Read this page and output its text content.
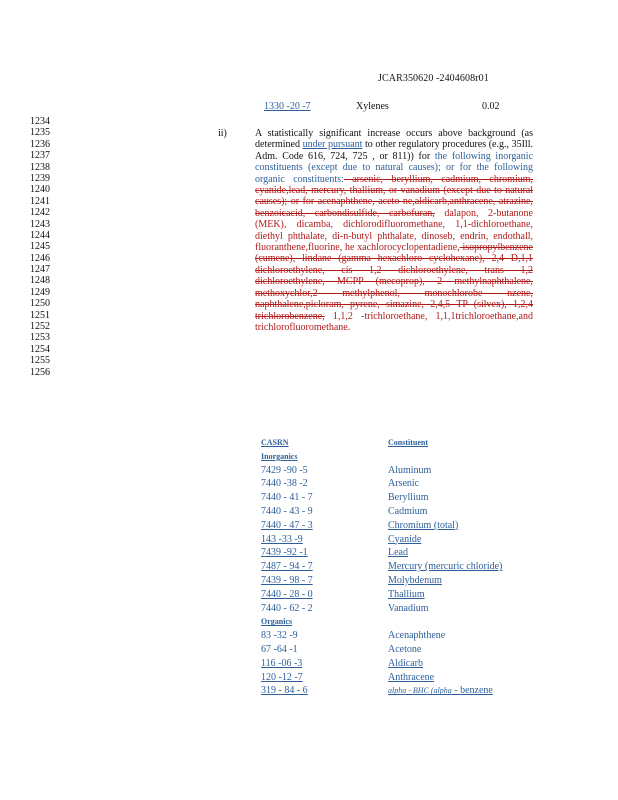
JCAR350620 -2404608r01
1330 -20 -7	Xylenes	0.02
1234
1235
1236
1237
1238
1239
1240
1241
1242
1243
1244
1245
1246
1247
1248
1249
1250
1251
1252
1253
1254
1255
1256
ii)	A statistically significant increase occurs above background (as determined under pursuant to other regulatory procedures (e.g., 35Ill. Adm. Code 616, 724, 725 , or 811)) for the following inorganic constituents (except due to natural causes); or for the following organic constituents: arsenic, beryllium, cadmium, chromium, cyanide,lead, mercury, thallium, or vanadium (except due to natural causes); or for acenaphthene, aceto ne,aldicarb,anthracene, atrazine, benzoicacid, carbondisulfide, carbofuran, dalapon, 2-butanone (MEK), dicamba, dichlorodifluoromethane, 1,1-dichloroethane, diethyl phthalate, di-n-butyl phthalate, dinoseb, endrin, endothall, fluoranthene,fluorine, he xachlorocyclopentadiene, isopropylbenzene (cumene), lindane (gamma hexachloro cyclohexane), 2,4 D,1,1 dichloroethylene, cis 1,2 dichloroethylene, trans 1,2 dichloroethylene, MCPP (mecoprop), 2 methylnaphthalene, methoxychlor,2 methylphenol, monochlorobe nzene, naphthalene,picloram, pyrene, simazine, 2,4,5 TP (silvex), 1,2,4 trichlorobenzene, 1,1,2 -trichloroethane, 1,1,1trichloroethane,and trichlorofluoromethane.
CASRN	Constituent
Inorganics
7429 -90 -5	Aluminum
7440 -38 -2	Arsenic
7440 - 41 - 7	Beryllium
7440 - 43 - 9	Cadmium
7440 - 47 - 3	Chromium (total)
143 -33 -9	Cyanide
7439 -92 -1	Lead
7487 - 94 - 7	Mercury (mercuric chloride)
7439 - 98 - 7	Molybdenum
7440 - 28 - 0	Thallium
7440 - 62 - 2	Vanadium
Organics
83 -32 -9	Acenaphthene
67 -64 -1	Acetone
116 -06 -3	Aldicarb
120 -12 -7	Anthracene
319 - 84 - 6	alpha - BHC (alpha - benzene
